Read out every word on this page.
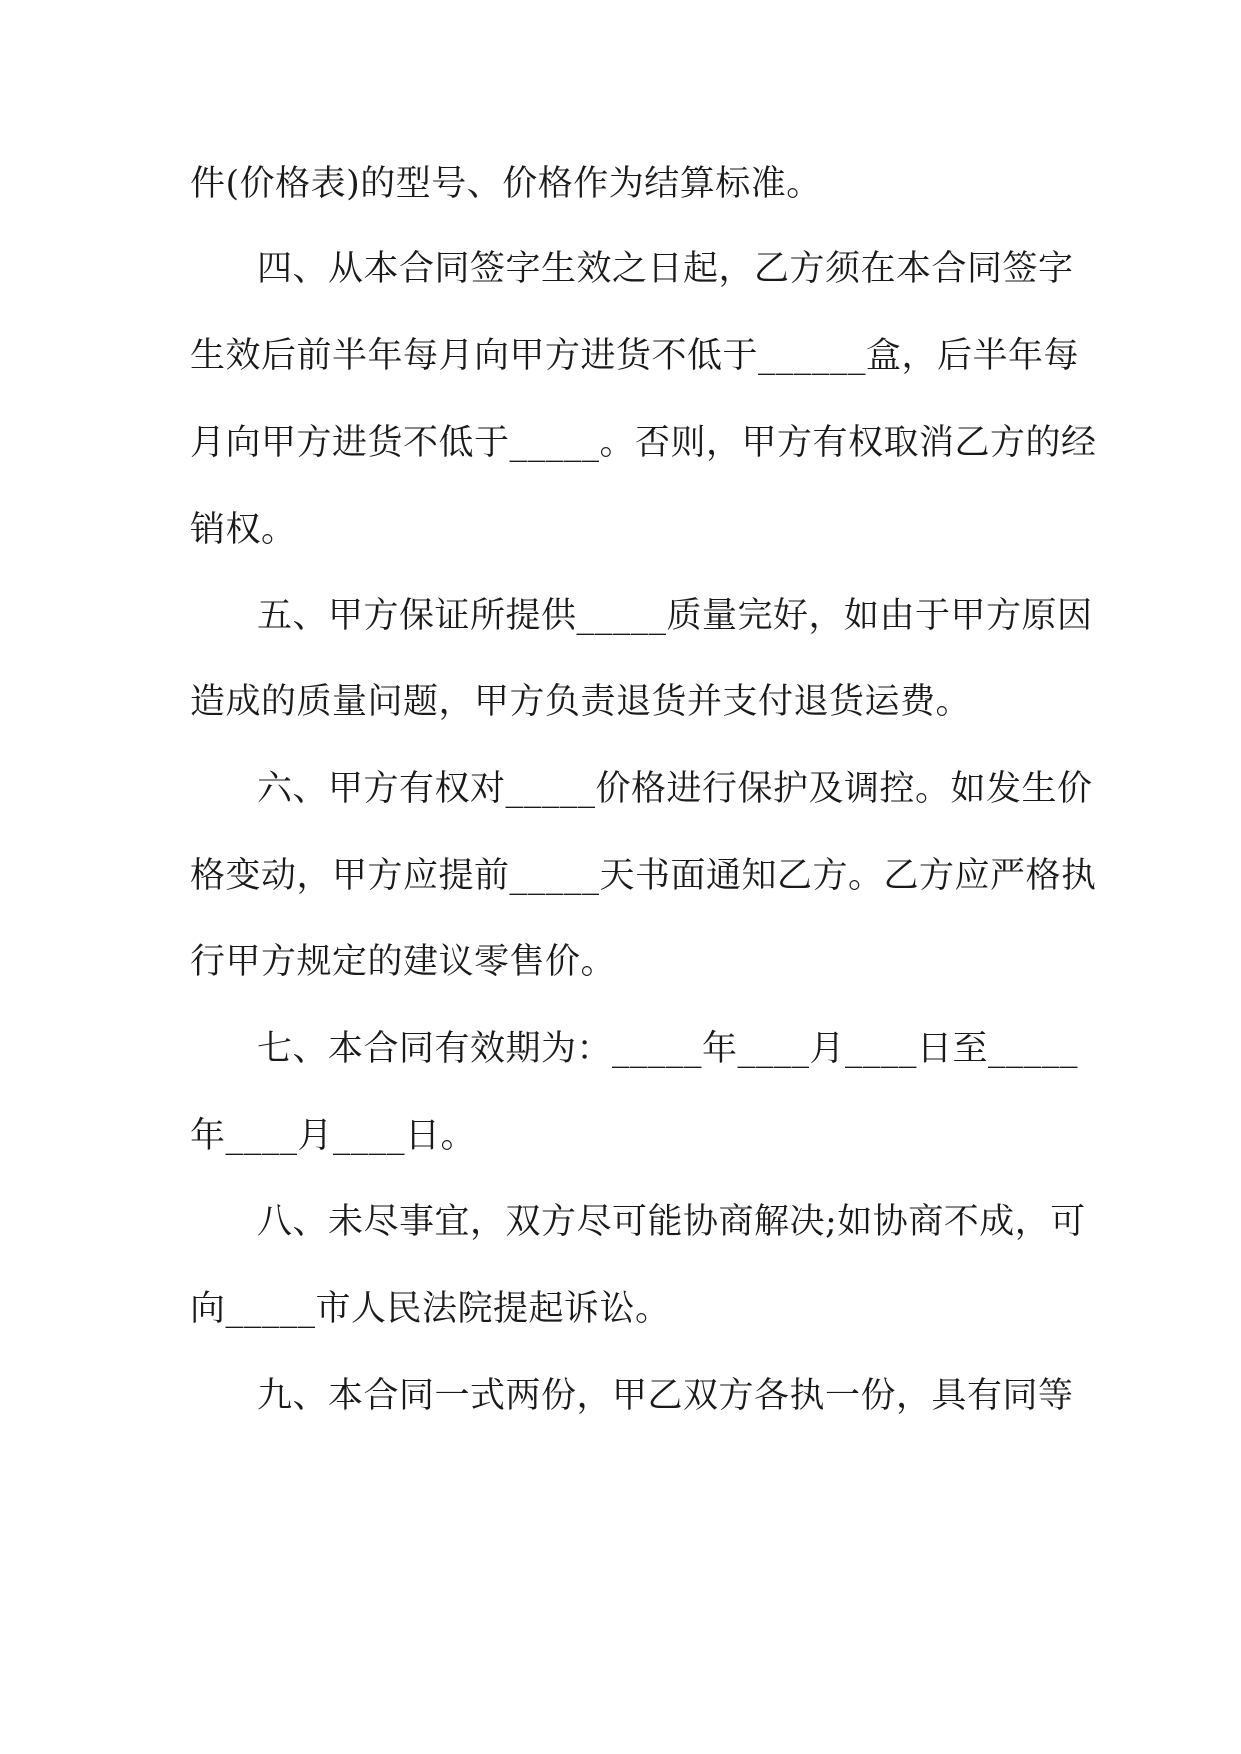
件(价格表)的型号、价格作为结算标准。
四、从本合同签字生效之日起，乙方须在本合同签字
生效后前半年每月向甲方进货不低于______盒，后半年每
月向甲方进货不低于_____。否则，甲方有权取消乙方的经
销权。
五、甲方保证所提供_____质量完好，如由于甲方原因
造成的质量问题，甲方负责退货并支付退货运费。
六、甲方有权对_____价格进行保护及调控。如发生价
格变动，甲方应提前_____天书面通知乙方。乙方应严格执
行甲方规定的建议零售价。
七、本合同有效期为：_____年____月____日至_____
年____月____日。
八、未尽事宜，双方尽可能协商解决;如协商不成，可
向_____市人民法院提起诉讼。
九、本合同一式两份，甲乙双方各执一份，具有同等
